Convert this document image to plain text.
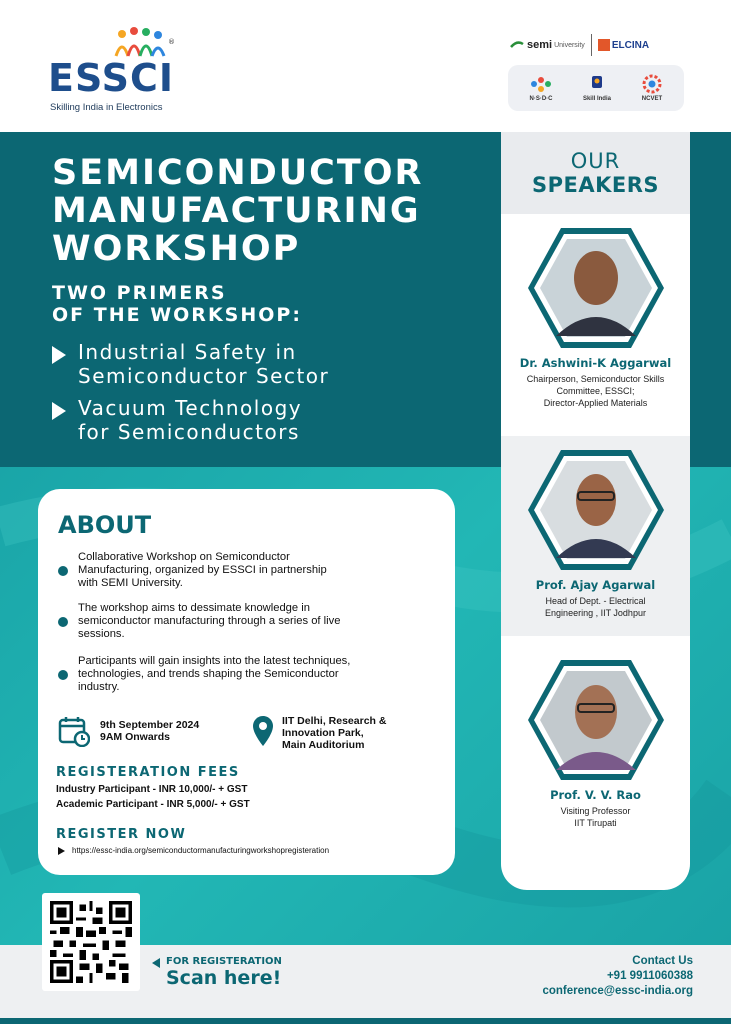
®
ESSCI
Skilling India in Electronics
semi University	ELCINA
N·S·D·C	Skill India	NCVET
SEMICONDUCTOR
MANUFACTURING
WORKSHOP
TWO PRIMERS
OF THE WORKSHOP:
Industrial Safety in
Semiconductor Sector
Vacuum Technology
for Semiconductors
OUR
SPEAKERS
Dr. Ashwini-K Aggarwal
Chairperson, Semiconductor Skills
Committee, ESSCI;
Director-Applied Materials
Prof. Ajay Agarwal
Head of Dept. - Electrical
Engineering , IIT Jodhpur
Prof. V. V. Rao
Visiting Professor
IIT Tirupati
ABOUT
Collaborative Workshop on Semiconductor
Manufacturing, organized by ESSCI in partnership
with SEMI University.
The workshop aims to dessimate knowledge in
semiconductor manufacturing through a series of live
sessions.
Participants will gain insights into the latest techniques,
technologies, and trends shaping the Semiconductor
industry.
9th September 2024
9AM Onwards
IIT Delhi, Research &
Innovation Park,
Main Auditorium
REGISTERATION FEES
Industry Participant - INR 10,000/- + GST
Academic Participant - INR 5,000/- + GST
REGISTER NOW
https://essc-india.org/semiconductormanufacturingworkshopregisteration
FOR REGISTERATION
Scan here!
Contact Us
+91 9911060388
conference@essc-india.org
